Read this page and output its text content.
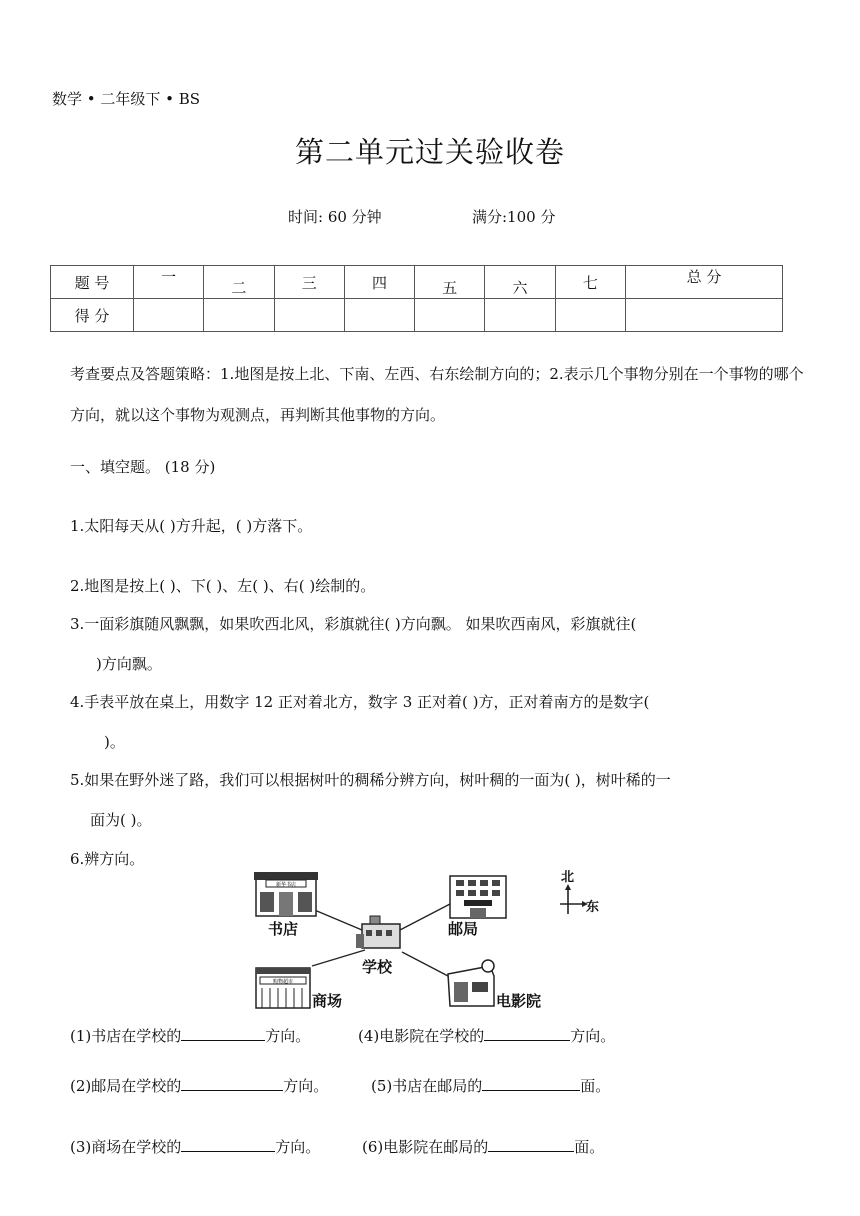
数学 • 二年级下 • BS
第二单元过关验收卷
时间: 60 分钟	满分:100 分
题 号	一	二	三	四	五	六	七	总 分
得 分								
考查要点及答题策略：1.地图是按上北、下南、左西、右东绘制方向的；2.表示几个事物分别在一个事物的哪个方向，就以这个事物为观测点，再判断其他事物的方向。
一、填空题。 (18 分)
1.太阳每天从( )方升起，( )方落下。
2.地图是按上( )、下( )、左( )、右( )绘制的。
3.一面彩旗随风飘飘，如果吹西北风，彩旗就往( )方向飘。 如果吹西南风，彩旗就往(
)方向飘。
4.手表平放在桌上，用数字 12 正对着北方，数字 3 正对着( )方，正对着南方的是数字(
)。
5.如果在野外迷了路，我们可以根据树叶的稠稀分辨方向，树叶稠的一面为( )，树叶稀的一
面为( )。
6.辨方向。
新华书店
购物超市
书店	邮局
学校
商场	电影院
北
东
(1)书店在学校的	方向。	(4)电影院在学校的	方向。
(2)邮局在学校的	方向。	(5)书店在邮局的	面。
(3)商场在学校的	方向。	(6)电影院在邮局的	面。
